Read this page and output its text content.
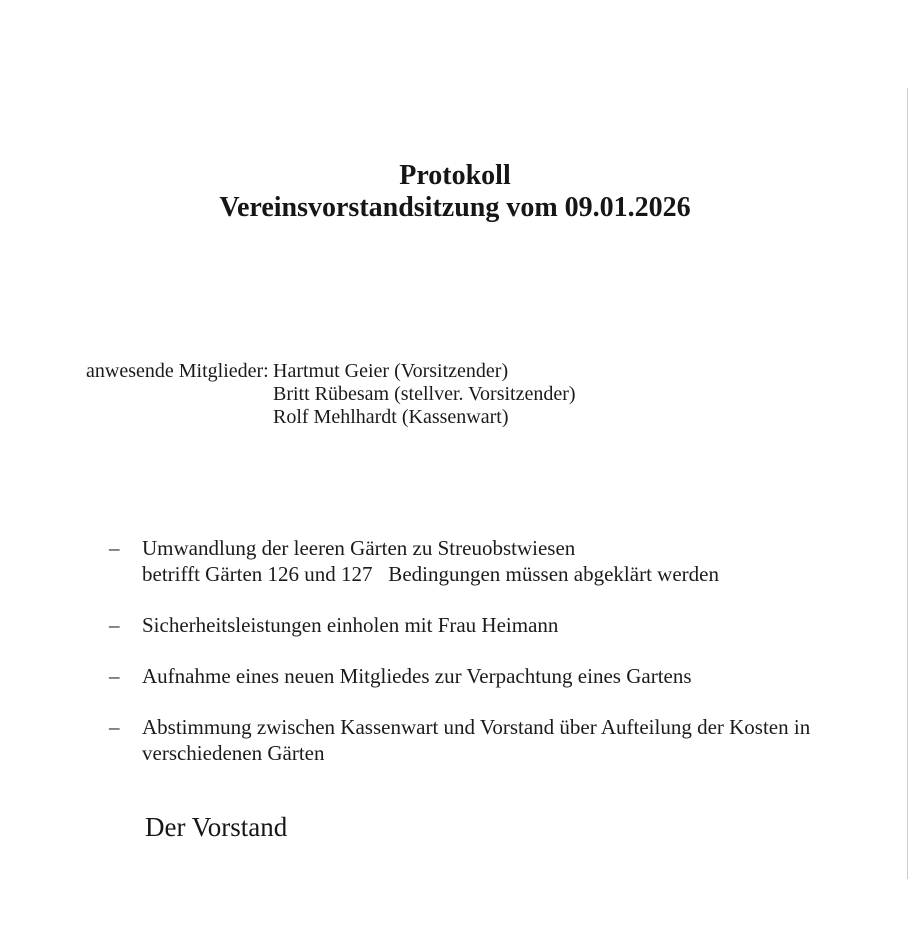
Protokoll
Vereinsvorstandsitzung vom 09.01.2026
anwesende Mitglieder: Hartmut Geier (Vorsitzender)
Britt Rübesam (stellver. Vorsitzender)
Rolf Mehlhardt (Kassenwart)
–	Umwandlung der leeren Gärten zu Streuobstwiesen
betrifft Gärten 126 und 127   Bedingungen müssen abgeklärt werden
–	Sicherheitsleistungen einholen mit Frau Heimann
–	Aufnahme eines neuen Mitgliedes zur Verpachtung eines Gartens
–	Abstimmung zwischen Kassenwart und Vorstand über Aufteilung der Kosten in
verschiedenen Gärten
Der Vorstand
